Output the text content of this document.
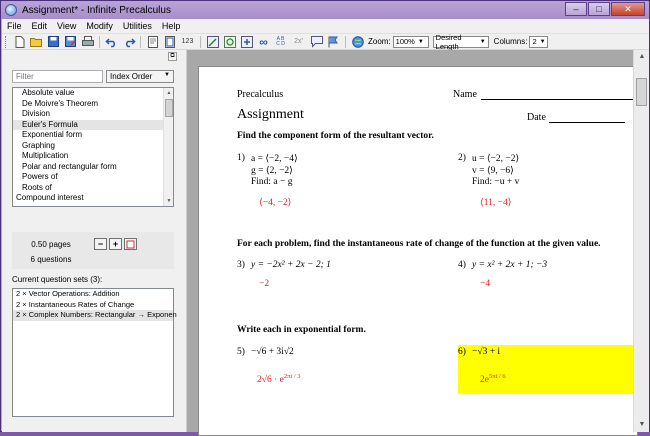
Assignment* - Infinite Precalculus	–	□	✕
File	Edit	View	Modify	Utilities	Help
123	∞	A B
C D	2x'	Zoom: 100% ▼ Desired Length	▼ Columns: 2 ▼
⧉
Filter
Index Order ▼
Absolute value
De Moivre's Theorem
Division
Euler's Formula
Exponential form
Graphing
Multiplication
Polar and rectangular form
Powers of
Roots of
Compound interest
▲
▼
0.50 pages
6 questions
−	+
Current question sets (3):
2 × Vector Operations: Addition
2 × Instantaneous Rates of Change
2 × Complex Numbers: Rectangular → Exponen
Precalculus	Name
Assignment	Date
Find the component form of the resultant vector.
1) a = ⟨−2, −4⟩
g = ⟨2, −2⟩
Find: a − g
⟨−4, −2⟩
2) u = ⟨−2, −2⟩
v = ⟨9, −6⟩
Find: −u + v
⟨11, −4⟩
For each problem, find the instantaneous rate of change of the function at the given value.
3) y = −2x² + 2x − 2; 1
−2
4) y = x² + 2x + 1; −3
−4
Write each in exponential form.
5) −√6 + 3i√2
$2√6 \cdot e^{2\pi i / 3}$
6) −√3 + i
$2e^{5\pi i / 6}$
▲
▼
